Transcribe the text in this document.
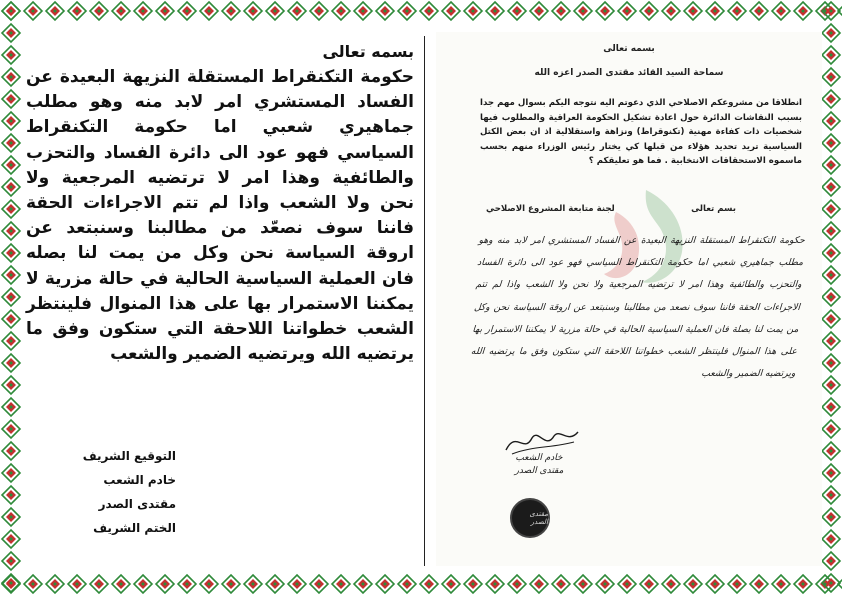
بسمه تعالى
حكومة التكنقراط المستقلة النزيهة البعيدة عن الفساد المستشري امر لابد منه وهو مطلب جماهيري شعبي اما حكومة التكنقراط السياسي فهو عود الى دائرة الفساد والتحزب والطائفية وهذا امر لا ترتضيه المرجعية ولا نحن ولا الشعب واذا لم تتم الاجراءات الحقة فاننا سوف نصعّد من مطالبنا وسنبتعد عن اروقة السياسة نحن وكل من يمت لنا بصله فان العملية السياسية الحالية في حالة مزرية لا يمكننا الاستمرار بها على هذا المنوال فلينتظر الشعب خطواتنا اللاحقة التي ستكون وفق ما يرتضيه الله ويرتضيه الضمير والشعب
التوقيع الشريف
خادم الشعب
مقتدى الصدر
الختم الشريف
بسمه تعالى
سماحة السيد القائد مقتدى الصدر اعزه الله
انطلاقا من مشروعكم الاصلاحي الذي دعوتم اليه نتوجه اليكم بسوال مهم جدا بسبب النقاشات الدائرة حول اعادة تشكيل الحكومة العراقية والمطلوب فيها شخصيات ذات كفاءة مهنية (تكنوقراط) ونزاهة واستقلالية اذ ان بعض الكتل السياسية تريد تحديد هؤلاء من قبلها كي يختار رئيس الوزراء منهم بحسب ماسموه الاستحقاقات الانتخابية . فما هو تعليقكم ؟
بسم تعالى
لجنة متابعة المشروع الاصلاحي
حكومة التكنقراط المستقلة النزيهة البعيدة عن الفساد المستشري امر لابد منه وهو مطلب جماهيري شعبي اما حكومة التكنقراط السياسي فهو عود الى دائرة الفساد والتحزب والطائفية وهذا امر لا ترتضيه المرجعية ولا نحن ولا الشعب واذا لم تتم الاجراءات الحقة فاننا سوف نصعد من مطالبنا وسنبتعد عن اروقة السياسة نحن وكل من يمت لنا بصلة فان العملية السياسية الحالية في حالة مزرية لا يمكننا الاستمرار بها على هذا المنوال فلينتظر الشعب خطواتنا اللاحقة التي ستكون وفق ما يرتضيه الله ويرتضيه الضمير والشعب
خادم الشعب
مقتدى الصدر
مقتدى الصدر
